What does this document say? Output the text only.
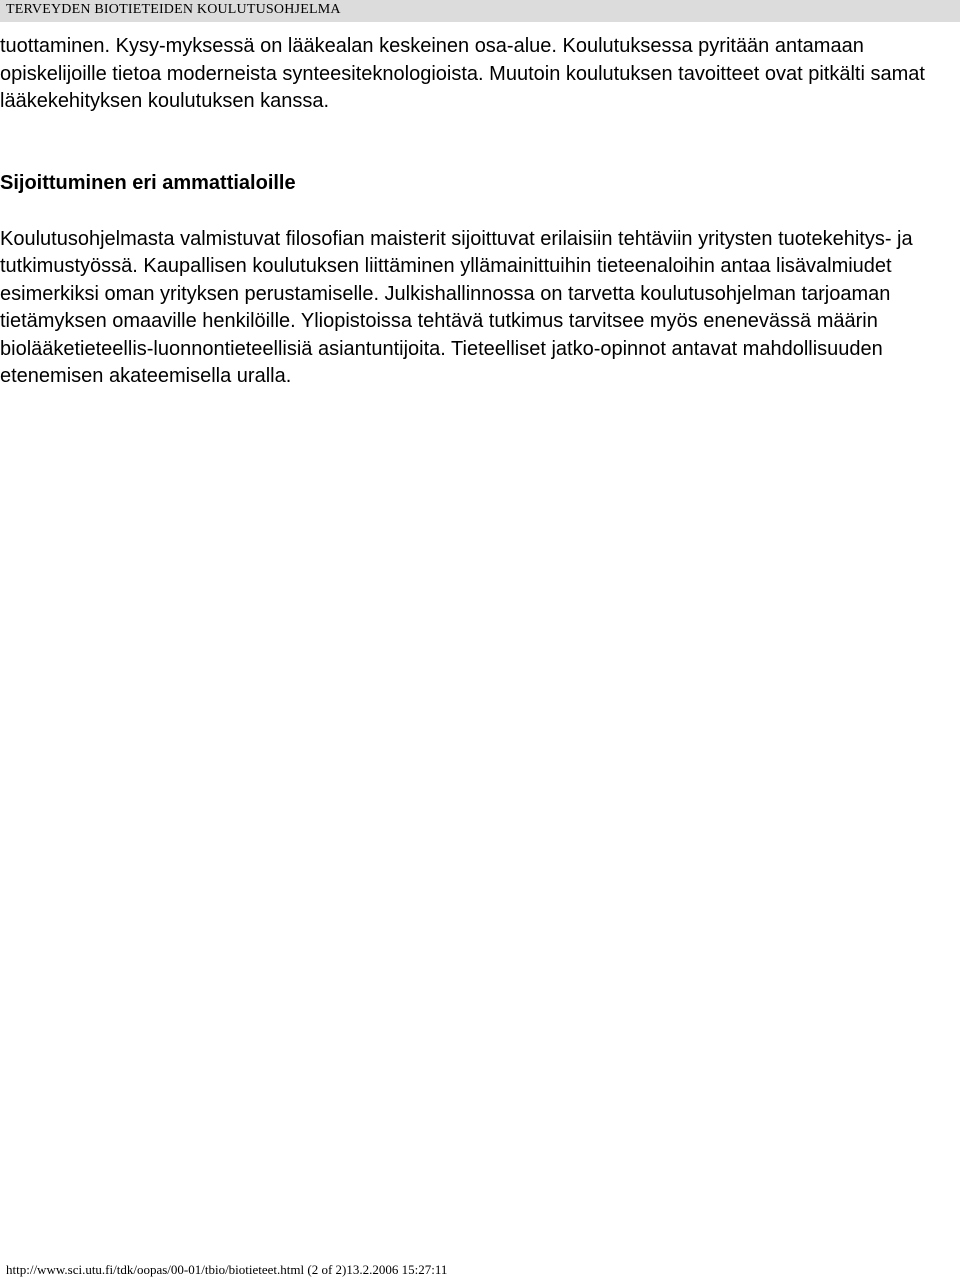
TERVEYDEN BIOTIETEIDEN KOULUTUSOHJELMA

tuottaminen. Kysy-myksessä on lääkealan keskeinen osa-alue. Koulutuksessa pyritään antamaan opiskelijoille tietoa moderneista synteesiteknologioista. Muutoin koulutuksen tavoitteet ovat pitkälti samat lääkekehityksen koulutuksen kanssa.

Sijoittuminen eri ammattialoille

Koulutusohjelmasta valmistuvat filosofian maisterit sijoittuvat erilaisiin tehtäviin yritysten tuotekehitys- ja tutkimustyössä. Kaupallisen koulutuksen liittäminen yllämainittuihin tieteenaloihin antaa lisävalmiudet esimerkiksi oman yrityksen perustamiselle. Julkishallinnossa on tarvetta koulutusohjelman tarjoaman tietämyksen omaaville henkilöille. Yliopistoissa tehtävä tutkimus tarvitsee myös enenevässä määrin biolääketieteellis-luonnontieteellisiä asiantuntijoita. Tieteelliset jatko-opinnot antavat mahdollisuuden etenemisen akateemisella uralla.

http://www.sci.utu.fi/tdk/oopas/00-01/tbio/biotieteet.html (2 of 2)13.2.2006 15:27:11
